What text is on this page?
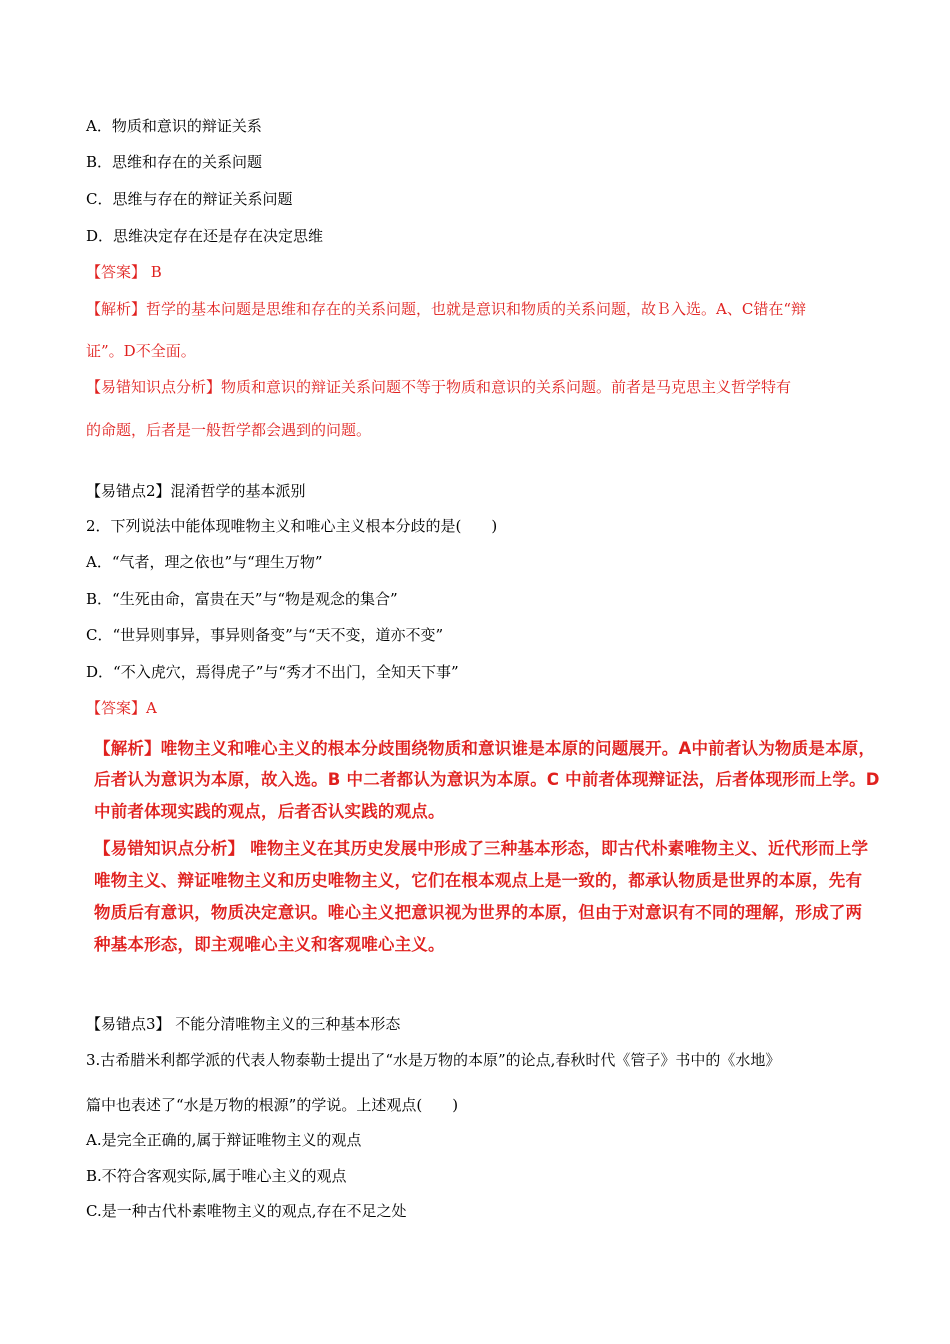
A．物质和意识的辩证关系
B．思维和存在的关系问题
C．思维与存在的辩证关系问题
D．思维决定存在还是存在决定思维
【答案】 B
【解析】哲学的基本问题是思维和存在的关系问题，也就是意识和物质的关系问题，故Ｂ入选。A、C错在“辩
证”。D不全面。
【易错知识点分析】物质和意识的辩证关系问题不等于物质和意识的关系问题。前者是马克思主义哲学特有
的命题，后者是一般哲学都会遇到的问题。
【易错点2】混淆哲学的基本派别
2．下列说法中能体现唯物主义和唯心主义根本分歧的是(　　)
A．“气者，理之依也”与“理生万物”
B．“生死由命，富贵在天”与“物是观念的集合”
C．“世异则事异，事异则备变”与“天不变，道亦不变”
D．“不入虎穴，焉得虎子”与“秀才不出门，全知天下事”
【答案】A
【解析】唯物主义和唯心主义的根本分歧围绕物质和意识谁是本原的问题展开。A中前者认为物质是本原，
后者认为意识为本原，故入选。B 中二者都认为意识为本原。C 中前者体现辩证法，后者体现形而上学。D
中前者体现实践的观点，后者否认实践的观点。
【易错知识点分析】 唯物主义在其历史发展中形成了三种基本形态，即古代朴素唯物主义、近代形而上学
唯物主义、辩证唯物主义和历史唯物主义，它们在根本观点上是一致的，都承认物质是世界的本原，先有
物质后有意识，物质决定意识。唯心主义把意识视为世界的本原，但由于对意识有不同的理解，形成了两
种基本形态，即主观唯心主义和客观唯心主义。
【易错点3】 不能分清唯物主义的三种基本形态
3.古希腊米利都学派的代表人物泰勒士提出了“水是万物的本原”的论点,春秋时代《管子》书中的《水地》
篇中也表述了“水是万物的根源”的学说。上述观点(　　)
A.是完全正确的,属于辩证唯物主义的观点
B.不符合客观实际,属于唯心主义的观点
C.是一种古代朴素唯物主义的观点,存在不足之处
